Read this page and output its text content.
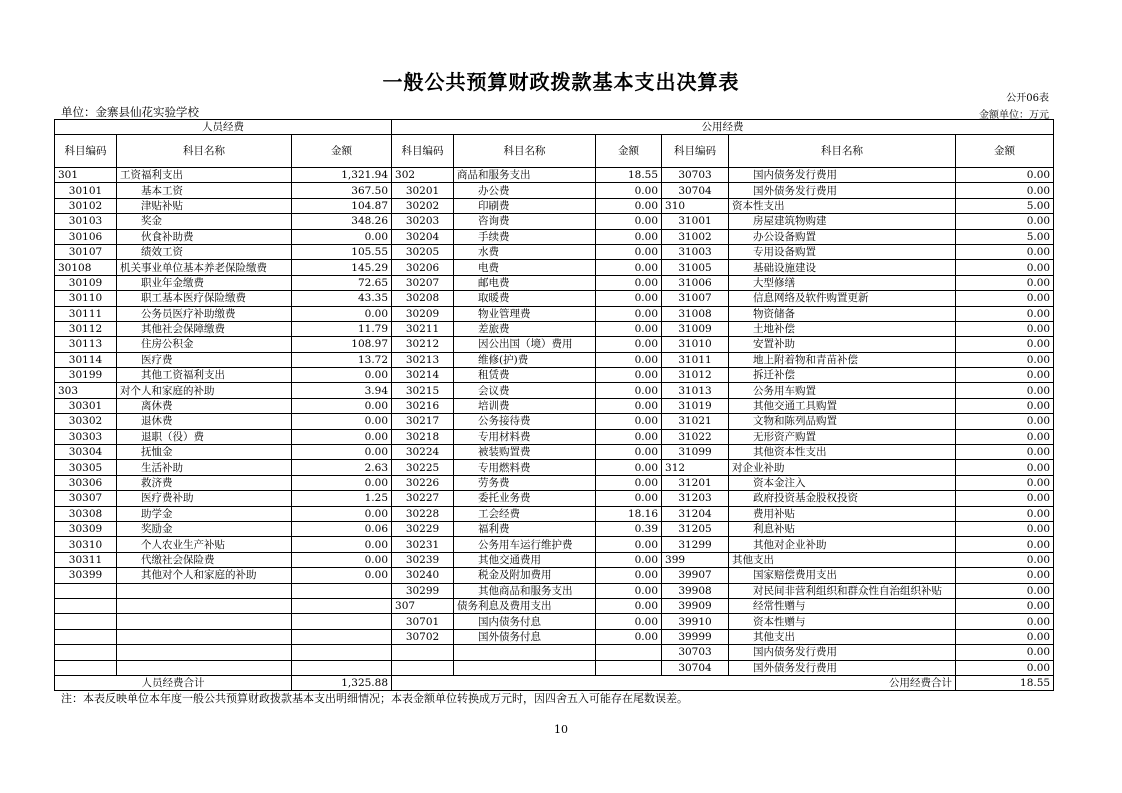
一般公共预算财政拨款基本支出决算表
公开06表
单位：金寨县仙花实验学校	金额单位：万元
人员经费			公用经费					
科目编码	科目名称	金额	科目编码	科目名称	金额	科目编码	科目名称	金额
301	工资福利支出	1,321.94	302	商品和服务支出	18.55	30703	国内债务发行费用	0.00
30101	基本工资	367.50	30201	办公费	0.00	30704	国外债务发行费用	0.00
30102	津贴补贴	104.87	30202	印刷费	0.00	310	资本性支出	5.00
30103	奖金	348.26	30203	咨询费	0.00	31001	房屋建筑物购建	0.00
30106	伙食补助费	0.00	30204	手续费	0.00	31002	办公设备购置	5.00
30107	绩效工资	105.55	30205	水费	0.00	31003	专用设备购置	0.00
30108	机关事业单位基本养老保险缴费	145.29	30206	电费	0.00	31005	基础设施建设	0.00
30109	职业年金缴费	72.65	30207	邮电费	0.00	31006	大型修缮	0.00
30110	职工基本医疗保险缴费	43.35	30208	取暖费	0.00	31007	信息网络及软件购置更新	0.00
30111	公务员医疗补助缴费	0.00	30209	物业管理费	0.00	31008	物资储备	0.00
30112	其他社会保障缴费	11.79	30211	差旅费	0.00	31009	土地补偿	0.00
30113	住房公积金	108.97	30212	因公出国（境）费用	0.00	31010	安置补助	0.00
30114	医疗费	13.72	30213	维修(护)费	0.00	31011	地上附着物和青苗补偿	0.00
30199	其他工资福利支出	0.00	30214	租赁费	0.00	31012	拆迁补偿	0.00
303	对个人和家庭的补助	3.94	30215	会议费	0.00	31013	公务用车购置	0.00
30301	离休费	0.00	30216	培训费	0.00	31019	其他交通工具购置	0.00
30302	退休费	0.00	30217	公务接待费	0.00	31021	文物和陈列品购置	0.00
30303	退职（役）费	0.00	30218	专用材料费	0.00	31022	无形资产购置	0.00
30304	抚恤金	0.00	30224	被装购置费	0.00	31099	其他资本性支出	0.00
30305	生活补助	2.63	30225	专用燃料费	0.00	312	对企业补助	0.00
30306	救济费	0.00	30226	劳务费	0.00	31201	资本金注入	0.00
30307	医疗费补助	1.25	30227	委托业务费	0.00	31203	政府投资基金股权投资	0.00
30308	助学金	0.00	30228	工会经费	18.16	31204	费用补贴	0.00
30309	奖励金	0.06	30229	福利费	0.39	31205	利息补贴	0.00
30310	个人农业生产补贴	0.00	30231	公务用车运行维护费	0.00	31299	其他对企业补助	0.00
30311	代缴社会保险费	0.00	30239	其他交通费用	0.00	399	其他支出	0.00
30399	其他对个人和家庭的补助	0.00	30240	税金及附加费用	0.00	39907	国家赔偿费用支出	0.00
			30299	其他商品和服务支出	0.00	39908	对民间非营利组织和群众性自治组织补贴	0.00
			307	债务利息及费用支出	0.00	39909	经常性赠与	0.00
			30701	国内债务付息	0.00	39910	资本性赠与	0.00
			30702	国外债务付息	0.00	39999	其他支出	0.00
						30703	国内债务发行费用	0.00
						30704	国外债务发行费用	0.00
人员经费合计		1,325.88	公用经费合计					18.55
注：本表反映单位本年度一般公共预算财政拨款基本支出明细情况；本表金额单位转换成万元时，因四舍五入可能存在尾数误差。
10
